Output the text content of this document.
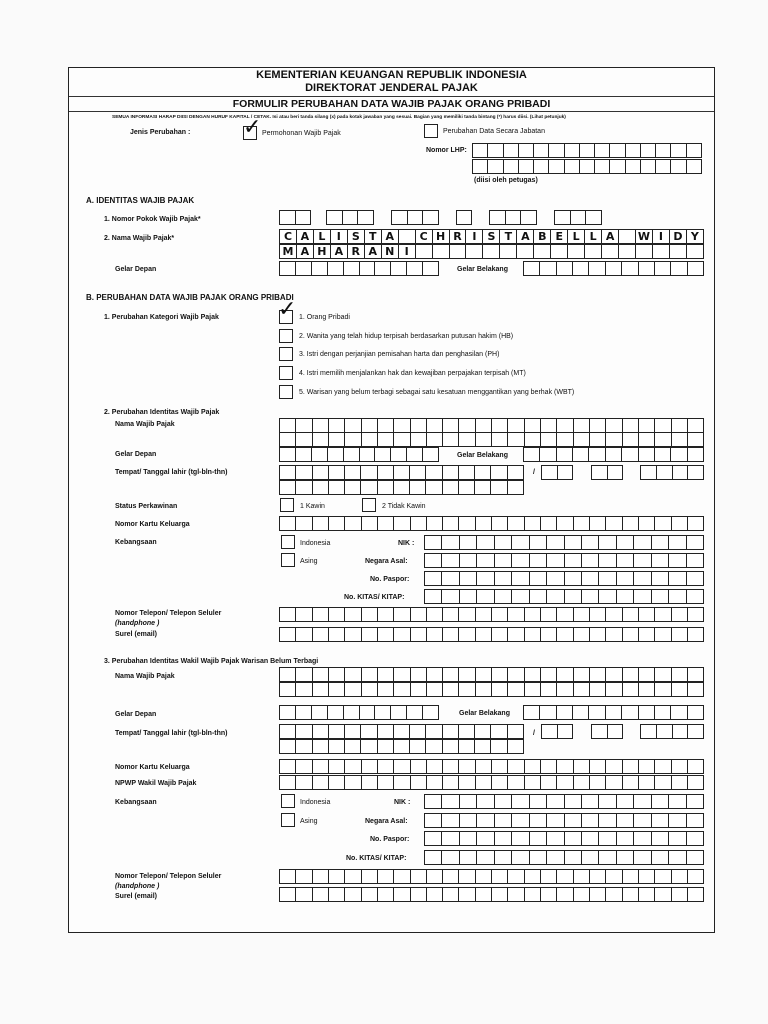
KEMENTERIAN KEUANGAN REPUBLIK INDONESIA
DIREKTORAT JENDERAL PAJAK
FORMULIR PERUBAHAN DATA WAJIB PAJAK ORANG PRIBADI
SEMUA INFORMASI HARAP DIISI DENGAN HURUF KAPITAL / CETAK. Isi atau beri tanda silang (x) pada kotak jawaban yang sesuai. Bagian yang memiliki tanda bintang (*) harus diisi. (Lihat petunjuk)
Jenis Perubahan : ✓ Permohonan Wajib Pajak	Perubahan Data Secara Jabatan
Nomor LHP:
(diisi oleh petugas)
A. IDENTITAS WAJIB PAJAK
1. Nomor Pokok Wajib Pajak*
2. Nama Wajib Pajak*	C A L	I S T A	C H R I S T A B E L L A	W I D Y
M A H A R A N I
Gelar Depan	Gelar Belakang
B. PERUBAHAN DATA WAJIB PAJAK ORANG PRIBADI
1. Perubahan Kategori Wajib Pajak	✓ 1. Orang Pribadi
2. Wanita yang telah hidup terpisah berdasarkan putusan hakim (HB)
3. Istri dengan perjanjian pemisahan harta dan penghasilan (PH)
4. Istri memilih menjalankan hak dan kewajiban perpajakan terpisah (MT)
5. Warisan yang belum terbagi sebagai satu kesatuan menggantikan yang berhak (WBT)
2. Perubahan Identitas Wajib Pajak
Nama Wajib Pajak
Gelar Depan	Gelar Belakang
Tempat/ Tanggal lahir (tgl-bln-thn)	/
Status Perkawinan	1 Kawin	2 Tidak Kawin
Nomor Kartu Keluarga
Kebangsaan	Indonesia
Asing
NIK :
Negara Asal:
No. Paspor:
No. KITAS/ KITAP:
Nomor Telepon/ Telepon Seluler
(handphone )
Surel (email)
3. Perubahan Identitas Wakil Wajib Pajak Warisan Belum Terbagi
Nama Wajib Pajak
Gelar Depan	Gelar Belakang
Tempat/ Tanggal lahir (tgl-bln-thn)	/
Nomor Kartu Keluarga
NPWP Wakil Wajib Pajak
Kebangsaan	Indonesia
Asing
NIK :
Negara Asal:
No. Paspor:
No. KITAS/ KITAP:
Nomor Telepon/ Telepon Seluler
(handphone )
Surel (email)
